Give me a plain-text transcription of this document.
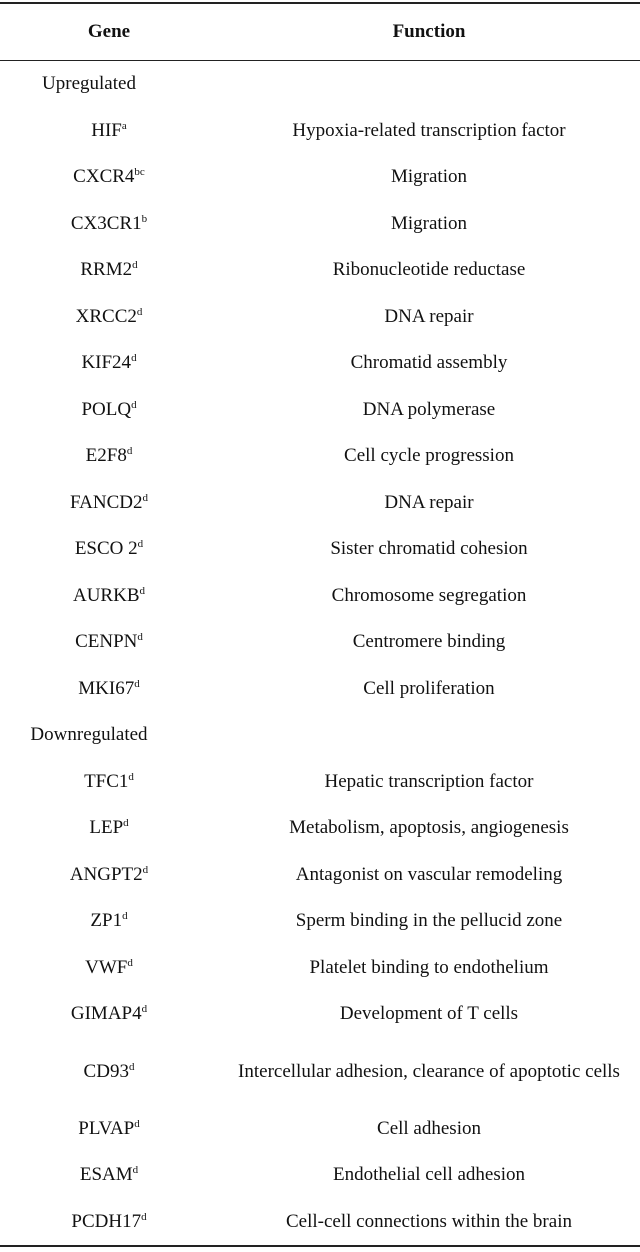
Gene	Function
Upregulated	
HIF$^a$	Hypoxia-related transcription factor
$CXCR4^{bc}$	Migration
CX3CR1$^b$	Migration
RRM2$^d$	Ribonucleotide reductase
XRCC2$^d$	DNA repair
KIF24$^d$	Chromatid assembly
POLQ$^d$	DNA polymerase
E2F8$^d$	Cell cycle progression
FANCD2$^d$	DNA repair
ESCO 2$^d$	Sister chromatid cohesion
AURKB$^d$	Chromosome segregation
CENPN$^d$	Centromere binding
MKI67$^d$	Cell proliferation
Downregulated	
TFC1$^d$	Hepatic transcription factor
LEP$^d$	Metabolism, apoptosis, angiogenesis
ANGPT2$^d$	Antagonist on vascular remodeling
ZP1$^d$	Sperm binding in the pellucid zone
VWF$^d$	Platelet binding to endothelium
GIMAP4$^d$	Development of T cells
CD93$^d$	Intercellular adhesion, clearance of apoptotic cells
PLVAP$^d$	Cell adhesion
ESAM$^d$	Endothelial cell adhesion
PCDH17$^d$	Cell-cell connections within the brain
